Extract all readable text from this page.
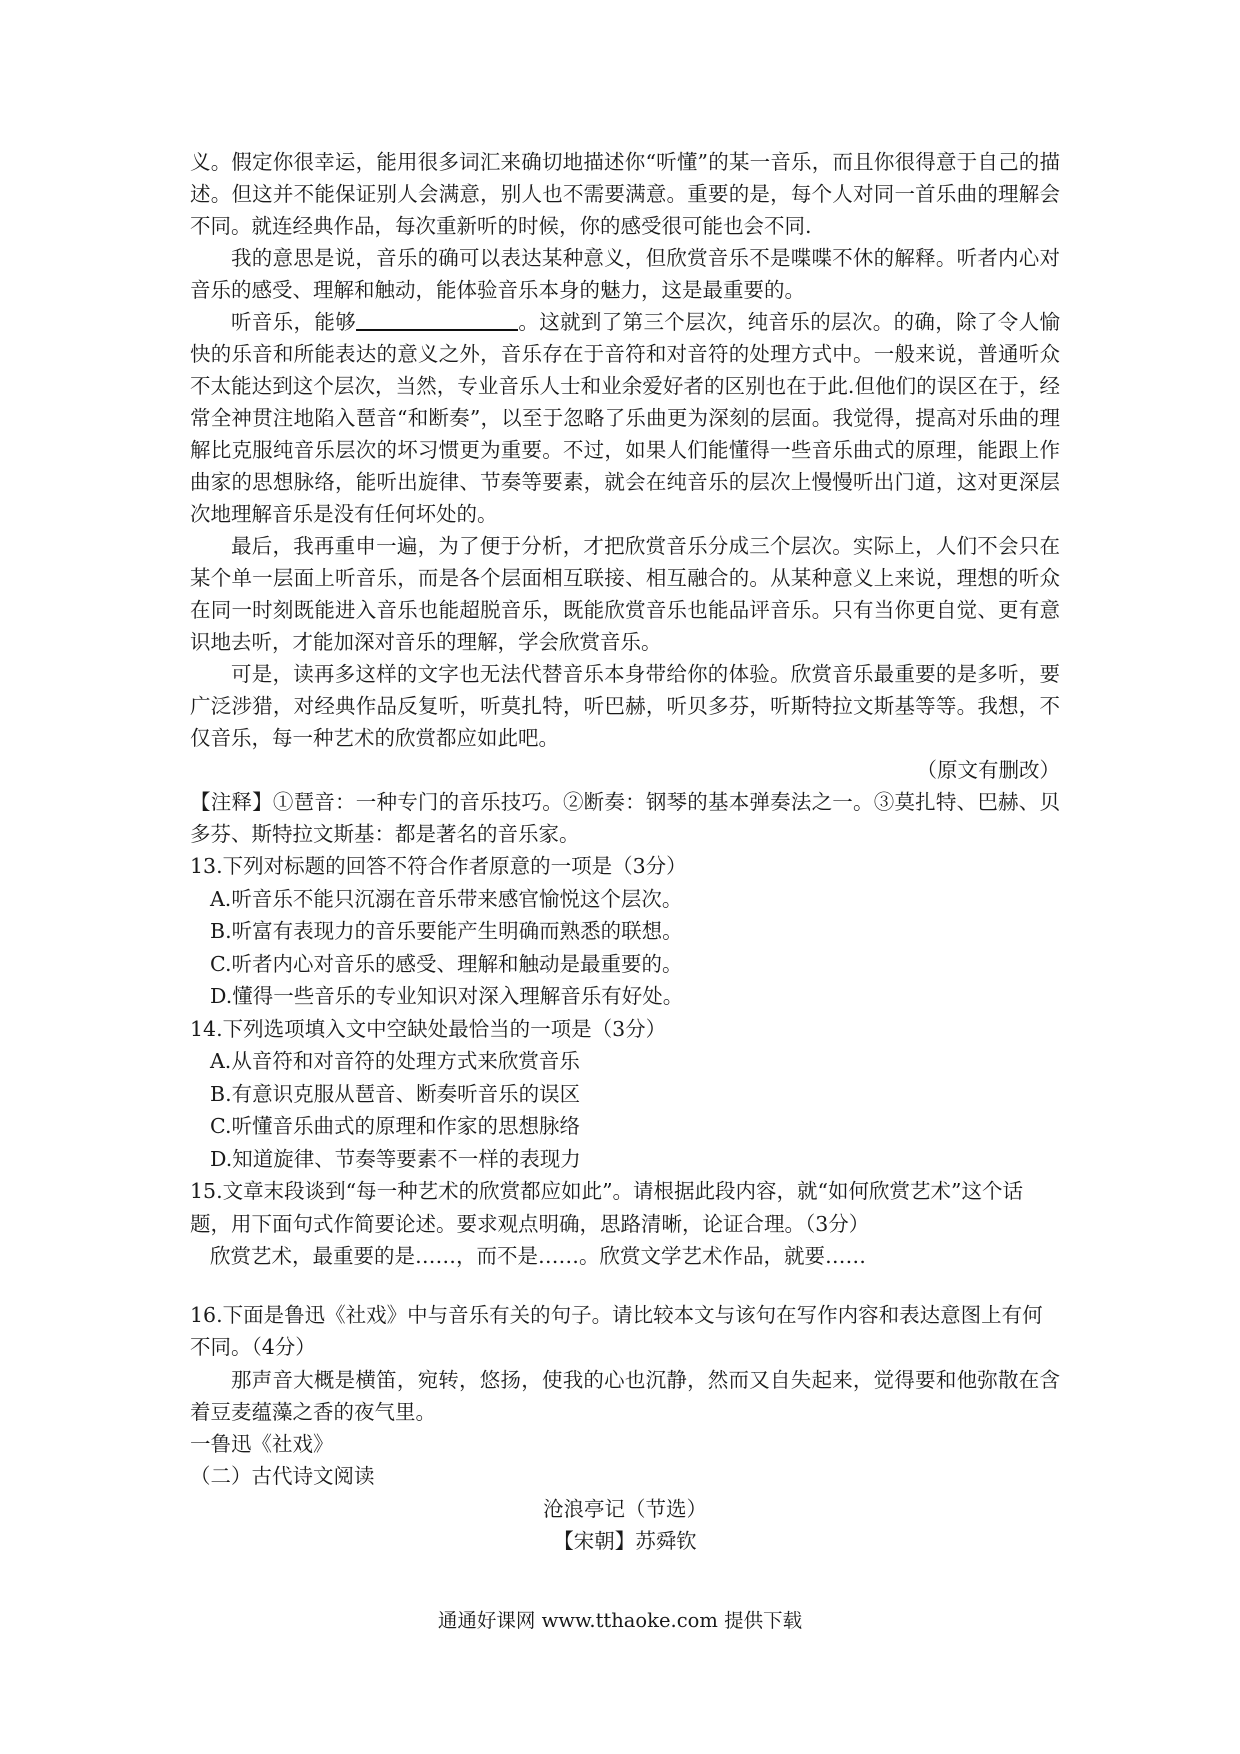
义。假定你很幸运，能用很多词汇来确切地描述你“听懂”的某一音乐，而且你很得意于自己的描述。但这并不能保证别人会满意，别人也不需要满意。重要的是，每个人对同一首乐曲的理解会不同。就连经典作品，每次重新听的时候，你的感受很可能也会不同.

我的意思是说，音乐的确可以表达某种意义，但欣赏音乐不是喋喋不休的解释。听者内心对音乐的感受、理解和触动，能体验音乐本身的魅力，这是最重要的。

听音乐，能够	。这就到了第三个层次，纯音乐的层次。的确，除了令人愉快的乐音和所能表达的意义之外，音乐存在于音符和对音符的处理方式中。一般来说，普通听众不太能达到这个层次，当然，专业音乐人士和业余爱好者的区别也在于此.但他们的误区在于，经常全神贯注地陷入琶音“和断奏”，以至于忽略了乐曲更为深刻的层面。我觉得，提高对乐曲的理解比克服纯音乐层次的坏习惯更为重要。不过，如果人们能懂得一些音乐曲式的原理，能跟上作曲家的思想脉络，能听出旋律、节奏等要素，就会在纯音乐的层次上慢慢听出门道，这对更深层次地理解音乐是没有任何坏处的。

最后，我再重申一遍，为了便于分析，才把欣赏音乐分成三个层次。实际上，人们不会只在某个单一层面上听音乐，而是各个层面相互联接、相互融合的。从某种意义上来说，理想的听众在同一时刻既能进入音乐也能超脱音乐，既能欣赏音乐也能品评音乐。只有当你更自觉、更有意识地去听，才能加深对音乐的理解，学会欣赏音乐。

可是，读再多这样的文字也无法代替音乐本身带给你的体验。欣赏音乐最重要的是多听，要广泛涉猎，对经典作品反复听，听莫扎特，听巴赫，听贝多芬，听斯特拉文斯基等等。我想，不仅音乐，每一种艺术的欣赏都应如此吧。

（原文有删改）

【注释】①琶音：一种专门的音乐技巧。②断奏：钢琴的基本弹奏法之一。③莫扎特、巴赫、贝多芬、斯特拉文斯基：都是著名的音乐家。

13.下列对标题的回答不符合作者原意的一项是（3分）

A.听音乐不能只沉溺在音乐带来感官愉悦这个层次。

B.听富有表现力的音乐要能产生明确而熟悉的联想。

C.听者内心对音乐的感受、理解和触动是最重要的。

D.懂得一些音乐的专业知识对深入理解音乐有好处。

14.下列选项填入文中空缺处最恰当的一项是（3分）

A.从音符和对音符的处理方式来欣赏音乐

B.有意识克服从琶音、断奏听音乐的误区

C.听懂音乐曲式的原理和作家的思想脉络

D.知道旋律、节奏等要素不一样的表现力

15.文章末段谈到“每一种艺术的欣赏都应如此”。请根据此段内容，就“如何欣赏艺术”这个话题，用下面句式作简要论述。要求观点明确，思路清晰，论证合理。（3分）

欣赏艺术，最重要的是……，而不是……。欣赏文学艺术作品，就要……

16.下面是鲁迅《社戏》中与音乐有关的句子。请比较本文与该句在写作内容和表达意图上有何不同。（4分）

那声音大概是横笛，宛转，悠扬，使我的心也沉静，然而又自失起来，觉得要和他弥散在含着豆麦蕴藻之香的夜气里。

一鲁迅《社戏》

（二）古代诗文阅读

沧浪亭记（节选）

【宋朝】苏舜钦

通通好课网 www.tthaoke.com 提供下载
